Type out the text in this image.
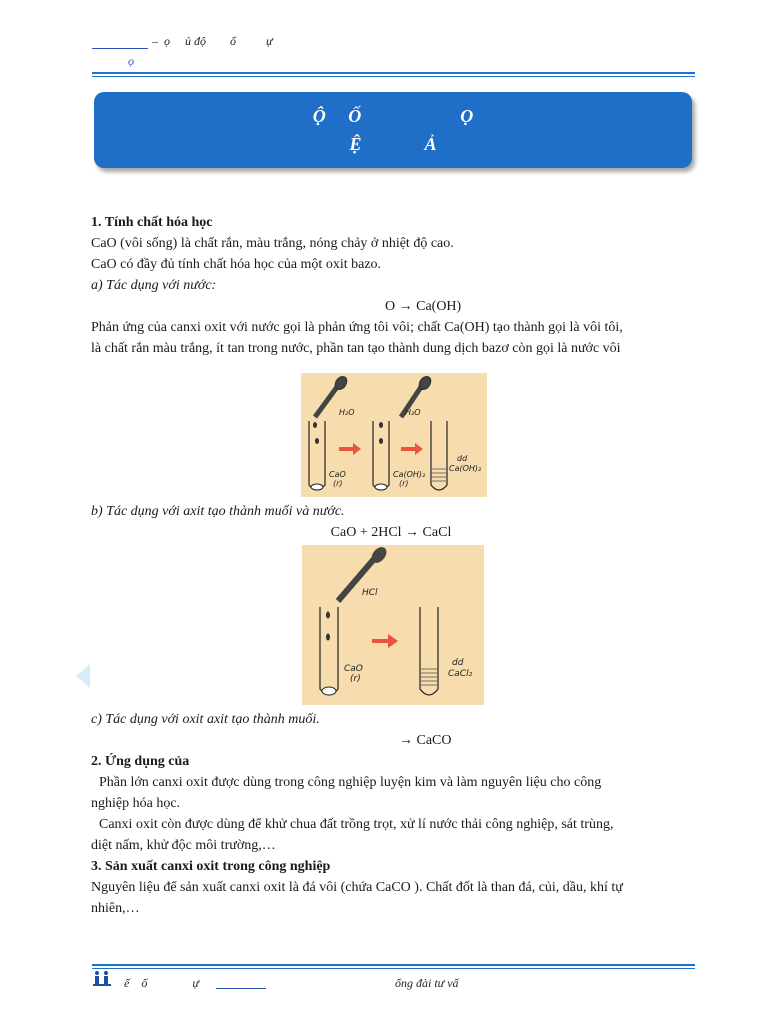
–  ọ     ủ độ        ổ          ự
ọ
Ộ     Ố                      Ọ
Ệ              Ả
1. Tính chất hóa học
CaO (vôi sống) là chất rắn, màu trắng, nóng chảy ở nhiệt độ cao.
CaO có đầy đủ tính chất hóa học của một oxit bazo.
a) Tác dụng với nước:
O → Ca(OH)
Phản ứng của canxi oxit với nước gọi là phản ứng tôi vôi; chất Ca(OH) tạo thành gọi là vôi tôi,
là chất rắn màu trắng, ít tan trong nước, phần tan tạo thành dung dịch bazơ còn gọi là nước vôi
H₂O	H₂O
CaO
(r)
Ca(OH)₂
(r)
dd
Ca(OH)₂
b) Tác dụng với axit tạo thành muối và nước.
CaO + 2HCl → CaCl
HCl
CaO
(r)
dd
CaCl₂
c) Tác dụng với oxit axit tạo thành muối.
→ CaCO
2. Ứng dụng của
Phần lớn canxi oxit được dùng trong công nghiệp luyện kim và làm nguyên liệu cho công
nghiệp hóa học.
Canxi oxit còn được dùng để khử chua đất trồng trọt, xử lí nước thải công nghiệp, sát trùng,
diệt nấm, khử độc môi trường,…
3. Sản xuất canxi oxit trong công nghiệp
Nguyên liệu để sản xuất canxi oxit là đá vôi (chứa CaCO ). Chất đốt là than đá, củi, dầu, khí tự
nhiên,…
ế    ố               ự	ống đài tư vấ
